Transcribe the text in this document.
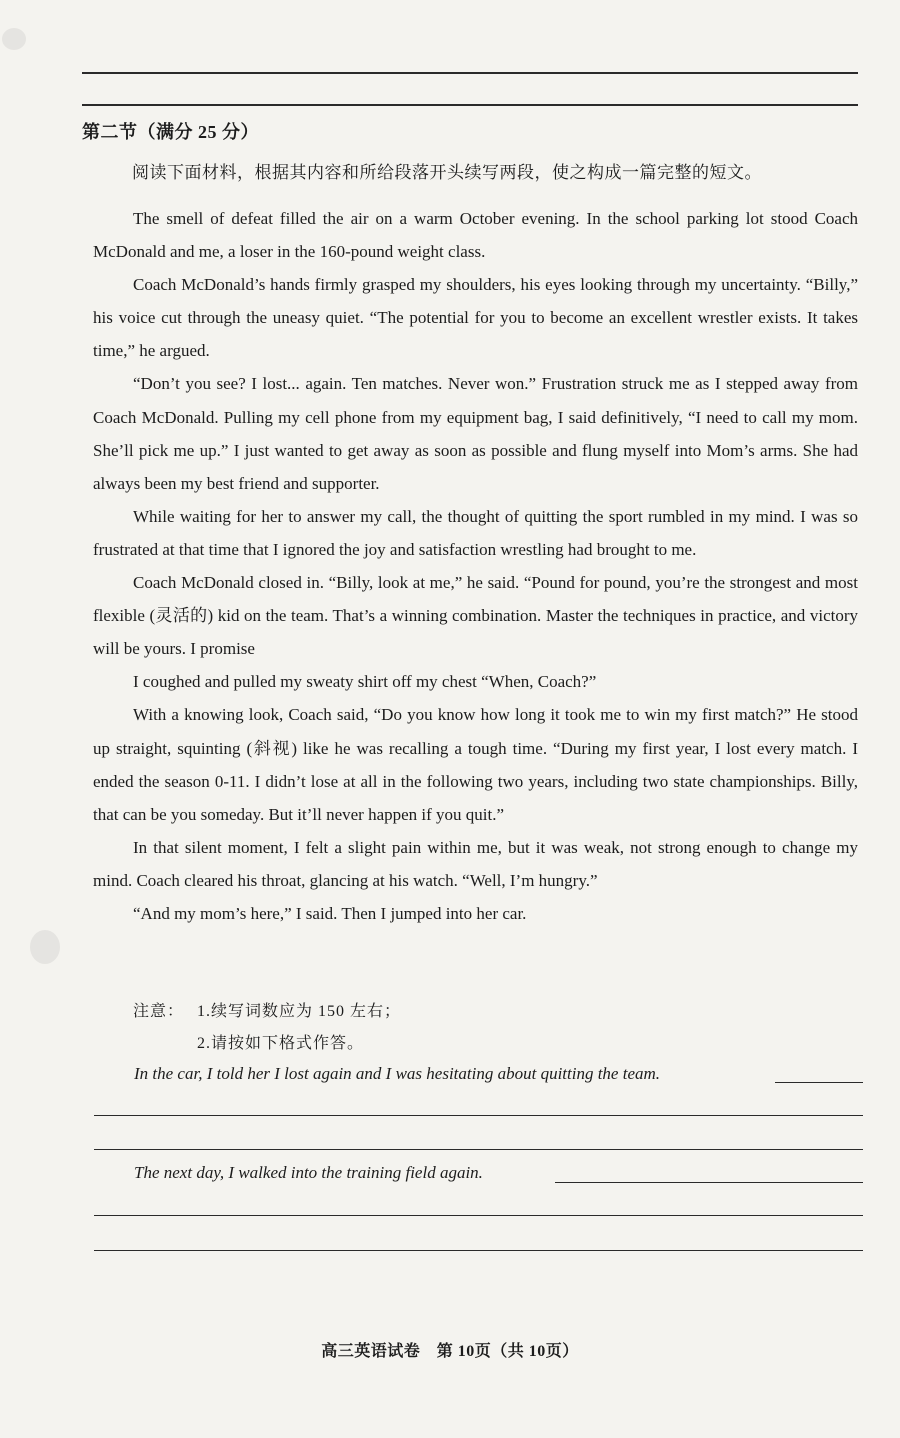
第二节（满分 25 分）
阅读下面材料，根据其内容和所给段落开头续写两段，使之构成一篇完整的短文。

The smell of defeat filled the air on a warm October evening. In the school parking lot stood Coach McDonald and me, a loser in the 160-pound weight class.

Coach McDonald’s hands firmly grasped my shoulders, his eyes looking through my uncertainty. “Billy,” his voice cut through the uneasy quiet. “The potential for you to become an excellent wrestler exists. It takes time,” he argued.

“Don’t you see? I lost... again. Ten matches. Never won.” Frustration struck me as I stepped away from Coach McDonald. Pulling my cell phone from my equipment bag, I said definitively, “I need to call my mom. She’ll pick me up.” I just wanted to get away as soon as possible and flung myself into Mom’s arms. She had always been my best friend and supporter.

While waiting for her to answer my call, the thought of quitting the sport rumbled in my mind. I was so frustrated at that time that I ignored the joy and satisfaction wrestling had brought to me.

Coach McDonald closed in. “Billy, look at me,” he said. “Pound for pound, you’re the strongest and most flexible (灵活的) kid on the team. That’s a winning combination. Master the techniques in practice, and victory will be yours. I promise

I coughed and pulled my sweaty shirt off my chest “When, Coach?”

With a knowing look, Coach said, “Do you know how long it took me to win my first match?” He stood up straight, squinting (斜视) like he was recalling a tough time. “During my first year, I lost every match. I ended the season 0-11. I didn’t lose at all in the following two years, including two state championships. Billy, that can be you someday. But it’ll never happen if you quit.”

In that silent moment, I felt a slight pain within me, but it was weak, not strong enough to change my mind. Coach cleared his throat, glancing at his watch. “Well, I’m hungry.”

“And my mom’s here,” I said. Then I jumped into her car.

注意： 1.续写词数应为 150 左右；
2.请按如下格式作答。
In the car, I told her I lost again and I was hesitating about quitting the team.
The next day, I walked into the training field again.
高三英语试卷　第 10页（共 10页）
